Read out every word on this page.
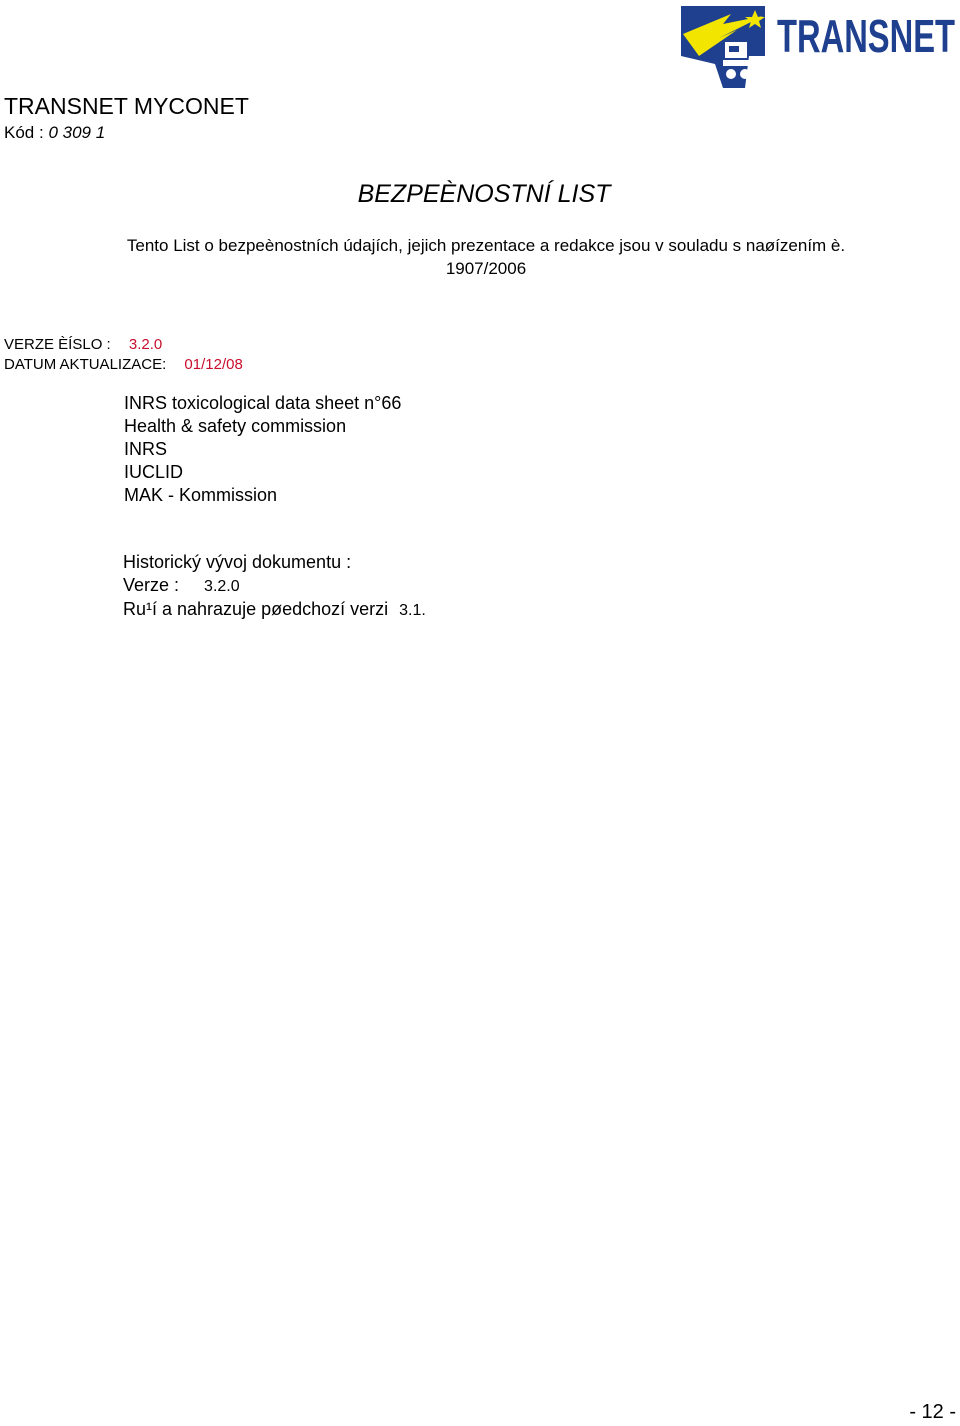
TRANSNET
TRANSNET MYCONET
Kód : 0 309 1
BEZPEÈNOSTNÍ LIST
Tento List o bezpeènostních údajích, jejich prezentace a redakce jsou v souladu s naøízením è.
1907/2006
VERZE ÈÍSLO : 3.2.0
DATUM AKTUALIZACE: 01/12/08
INRS toxicological data sheet n°66
Health & safety commission
INRS
IUCLID
MAK - Kommission
Historický vývoj dokumentu :
Verze : 3.2.0
Ru¹í a nahrazuje pøedchozí verzi 3.1.
- 12 -
